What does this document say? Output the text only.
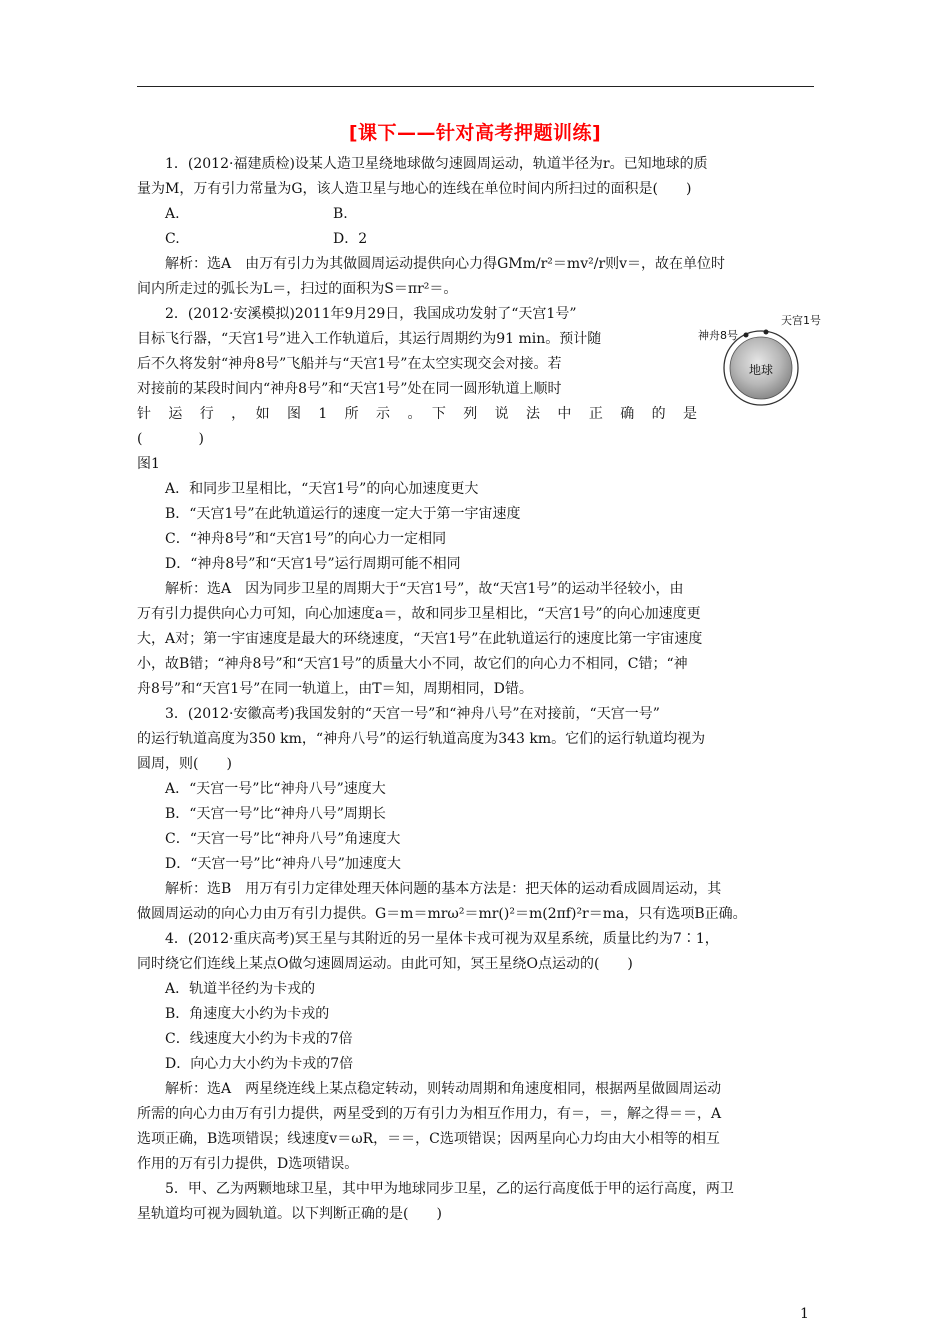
[课下——针对高考押题训练]

1．(2012·福建质检)设某人造卫星绕地球做匀速圆周运动，轨道半径为r。已知地球的质

量为M，万有引力常量为G，该人造卫星与地心的连线在单位时间内所扫过的面积是(　　)

A.	B.
C.	D．2

解析：选A　由万有引力为其做圆周运动提供向心力得GMm/r²＝mv²/r则v＝，故在单位时

间内所走过的弧长为L＝，扫过的面积为S＝πr²＝。

2．(2012·安溪模拟)2011年9月29日，我国成功发射了“天宫1号”

目标飞行器，“天宫1号”进入工作轨道后，其运行周期约为91 min。预计随

后不久将发射“神舟8号”飞船并与“天宫1号”在太空实现交会对接。若

对接前的某段时间内“神舟8号”和“天宫1号”处在同一圆形轨道上顺时

针　运　行　，　如　图　1　所　示　。　下　列　说　法　中　正　确　的　是　(　　　　)

天宫1号
神舟8号
地球

图1

A．和同步卫星相比，“天宫1号”的向心加速度更大

B．“天宫1号”在此轨道运行的速度一定大于第一宇宙速度

C．“神舟8号”和“天宫1号”的向心力一定相同

D．“神舟8号”和“天宫1号”运行周期可能不相同

解析：选A　因为同步卫星的周期大于“天宫1号”，故“天宫1号”的运动半径较小，由

万有引力提供向心力可知，向心加速度a＝，故和同步卫星相比，“天宫1号”的向心加速度更

大，A对；第一宇宙速度是最大的环绕速度，“天宫1号”在此轨道运行的速度比第一宇宙速度

小，故B错；“神舟8号”和“天宫1号”的质量大小不同，故它们的向心力不相同，C错；“神

舟8号”和“天宫1号”在同一轨道上，由T＝知，周期相同，D错。

3．(2012·安徽高考)我国发射的“天宫一号”和“神舟八号”在对接前，“天宫一号”

的运行轨道高度为350 km，“神舟八号”的运行轨道高度为343 km。它们的运行轨道均视为

圆周，则(　　)

A．“天宫一号”比“神舟八号”速度大

B．“天宫一号”比“神舟八号”周期长

C．“天宫一号”比“神舟八号”角速度大

D．“天宫一号”比“神舟八号”加速度大

解析：选B　用万有引力定律处理天体问题的基本方法是：把天体的运动看成圆周运动，其

做圆周运动的向心力由万有引力提供。G＝m＝mrω²＝mr()²＝m(2πf)²r＝ma，只有选项B正确。

4．(2012·重庆高考)冥王星与其附近的另一星体卡戎可视为双星系统，质量比约为7∶1，

同时绕它们连线上某点O做匀速圆周运动。由此可知，冥王星绕O点运动的(　　)

A．轨道半径约为卡戎的

B．角速度大小约为卡戎的

C．线速度大小约为卡戎的7倍

D．向心力大小约为卡戎的7倍

解析：选A　两星绕连线上某点稳定转动，则转动周期和角速度相同，根据两星做圆周运动

所需的向心力由万有引力提供，两星受到的万有引力为相互作用力，有＝，＝，解之得＝＝，A

选项正确，B选项错误；线速度v＝ωR，＝＝，C选项错误；因两星向心力均由大小相等的相互

作用的万有引力提供，D选项错误。

5．甲、乙为两颗地球卫星，其中甲为地球同步卫星，乙的运行高度低于甲的运行高度，两卫

星轨道均可视为圆轨道。以下判断正确的是(　　)

1
